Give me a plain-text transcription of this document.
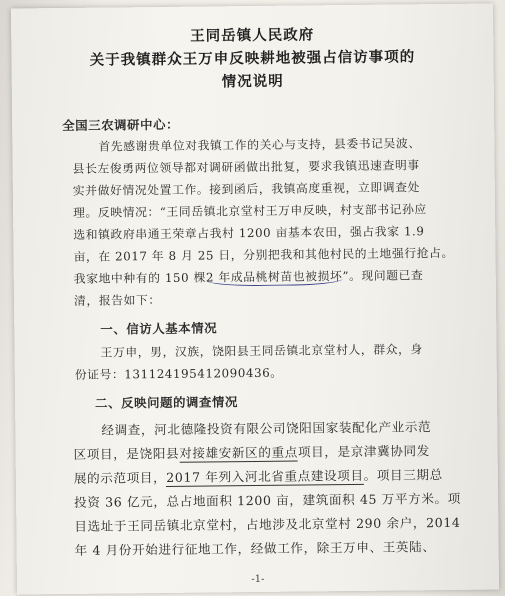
王同岳镇人民政府
关于我镇群众王万申反映耕地被强占信访事项的
情况说明
全国三农调研中心：
首先感谢贵单位对我镇工作的关心与支持，县委书记吴波、
县长左俊勇两位领导都对调研函做出批复，要求我镇迅速查明事
实并做好情况处置工作。接到函后，我镇高度重视，立即调查处
理。反映情况：“王同岳镇北京堂村王万申反映，村支部书记孙应
选和镇政府串通王荣章占我村 1200 亩基本农田，强占我家 1.9
亩，在 2017 年 8 月 25 日，分别把我和其他村民的土地强行抢占。
我家地中种有的 150 棵2 年成品桃树苗也被损坏”。现问题已查
清，报告如下：
一、信访人基本情况
王万申，男，汉族，饶阳县王同岳镇北京堂村人，群众，身
份证号：131124195412090436。
二、反映问题的调查情况
经调查，河北德隆投资有限公司饶阳国家装配化产业示范
区项目，是饶阳县对接雄安新区的重点项目，是京津冀协同发
展的示范项目，2017 年列入河北省重点建设项目。项目三期总
投资 36 亿元，总占地面积 1200 亩，建筑面积 45 万平方米。项
目选址于王同岳镇北京堂村，占地涉及北京堂村 290 余户，2014
年 4 月份开始进行征地工作，经做工作，除王万申、王英陆、
-1-
